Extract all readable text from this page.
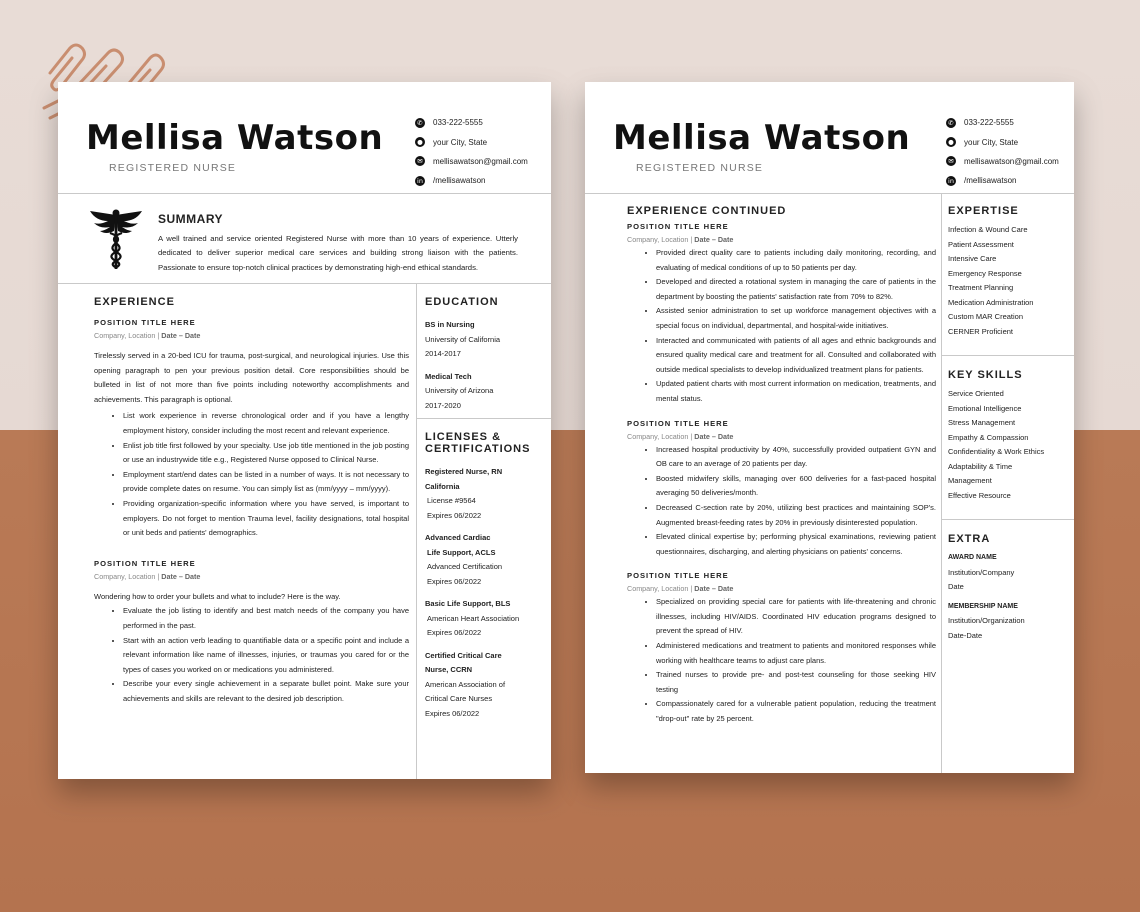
Mellisa Watson
REGISTERED NURSE
✆ 033-222-5555
● your City, State
✉ mellisawatson@gmail.com
in /mellisawatson
SUMMARY
A well trained and service oriented Registered Nurse with more than 10 years of experience. Utterly dedicated to deliver superior medical care services and building strong liaison with the patients. Passionate to ensure top-notch clinical practices by demonstrating high-end ethical standards.
EXPERIENCE
POSITION TITLE HERE
Company, Location | Date – Date
Tirelessly served in a 20-bed ICU for trauma, post-surgical, and neurological injuries. Use this opening paragraph to pen your previous position detail. Core responsibilities should be bulleted in list of not more than five points including noteworthy accomplishments and achievements. This paragraph is optional.
• List work experience in reverse chronological order and if you have a lengthy employment history, consider including the most recent and relevant experience.
• Enlist job title first followed by your specialty. Use job title mentioned in the job posting or use an industrywide title e.g., Registered Nurse opposed to Clinical Nurse.
• Employment start/end dates can be listed in a number of ways. It is not necessary to provide complete dates on resume. You can simply list as (mm/yyyy – mm/yyyy).
• Providing organization-specific information where you have served, is important to employers. Do not forget to mention Trauma level, facility designations, total hospital or unit beds and patients' demographics.
POSITION TITLE HERE
Company, Location | Date – Date
Wondering how to order your bullets and what to include? Here is the way.
• Evaluate the job listing to identify and best match needs of the company you have performed in the past.
• Start with an action verb leading to quantifiable data or a specific point and include a relevant information like name of illnesses, injuries, or traumas you cared for or the types of cases you worked on or medications you administered.
• Describe your every single achievement in a separate bullet point. Make sure your achievements and skills are relevant to the desired job description.
EDUCATION
BS in Nursing
University of California
2014-2017
Medical Tech
University of Arizona
2017-2020
LICENSES &
CERTIFICATIONS
Registered Nurse, RN
California
License #9564
Expires 06/2022
Advanced Cardiac
Life Support, ACLS
Advanced Certification
Expires 06/2022
Basic Life Support, BLS
American Heart Association
Expires 06/2022
Certified Critical Care
Nurse, CCRN
American Association of
Critical Care Nurses
Expires 06/2022
Mellisa Watson
REGISTERED NURSE
✆ 033-222-5555
● your City, State
✉ mellisawatson@gmail.com
in /mellisawatson
EXPERIENCE CONTINUED
POSITION TITLE HERE
Company, Location | Date – Date
• Provided direct quality care to patients including daily monitoring, recording, and evaluating of medical conditions of up to 50 patients per day.
• Developed and directed a rotational system in managing the care of patients in the department by boosting the patients' satisfaction rate from 70% to 82%.
• Assisted senior administration to set up workforce management objectives with a special focus on individual, departmental, and hospital-wide initiatives.
• Interacted and communicated with patients of all ages and ethnic backgrounds and ensured quality medical care and treatment for all. Consulted and collaborated with outside medical specialists to develop individualized treatment plans for patients.
• Updated patient charts with most current information on medication, treatments, and mental status.
POSITION TITLE HERE
Company, Location | Date – Date
• Increased hospital productivity by 40%, successfully provided outpatient GYN and OB care to an average of 20 patients per day.
• Boosted midwifery skills, managing over 600 deliveries for a fast-paced hospital averaging 50 deliveries/month.
• Decreased C-section rate by 20%, utilizing best practices and maintaining SOP's. Augmented breast-feeding rates by 20% in previously disinterested population.
• Elevated clinical expertise by; performing physical examinations, reviewing patient questionnaires, discharging, and alerting physicians on patients' concerns.
POSITION TITLE HERE
Company, Location | Date – Date
• Specialized on providing special care for patients with life-threatening and chronic illnesses, including HIV/AIDS. Coordinated HIV education programs designed to prevent the spread of HIV.
• Administered medications and treatment to patients and monitored responses while working with healthcare teams to adjust care plans.
• Trained nurses to provide pre- and post-test counseling for those seeking HIV testing
• Compassionately cared for a vulnerable patient population, reducing the treatment "drop-out" rate by 25 percent.
EXPERTISE
Infection & Wound Care
Patient Assessment
Intensive Care
Emergency Response
Treatment Planning
Medication Administration
Custom MAR Creation
CERNER Proficient
KEY SKILLS
Service Oriented
Emotional Intelligence
Stress Management
Empathy & Compassion
Confidentiality & Work Ethics
Adaptability & Time
Management
Effective Resource
EXTRA
AWARD NAME
Institution/Company
Date
MEMBERSHIP NAME
Institution/Organization
Date-Date
